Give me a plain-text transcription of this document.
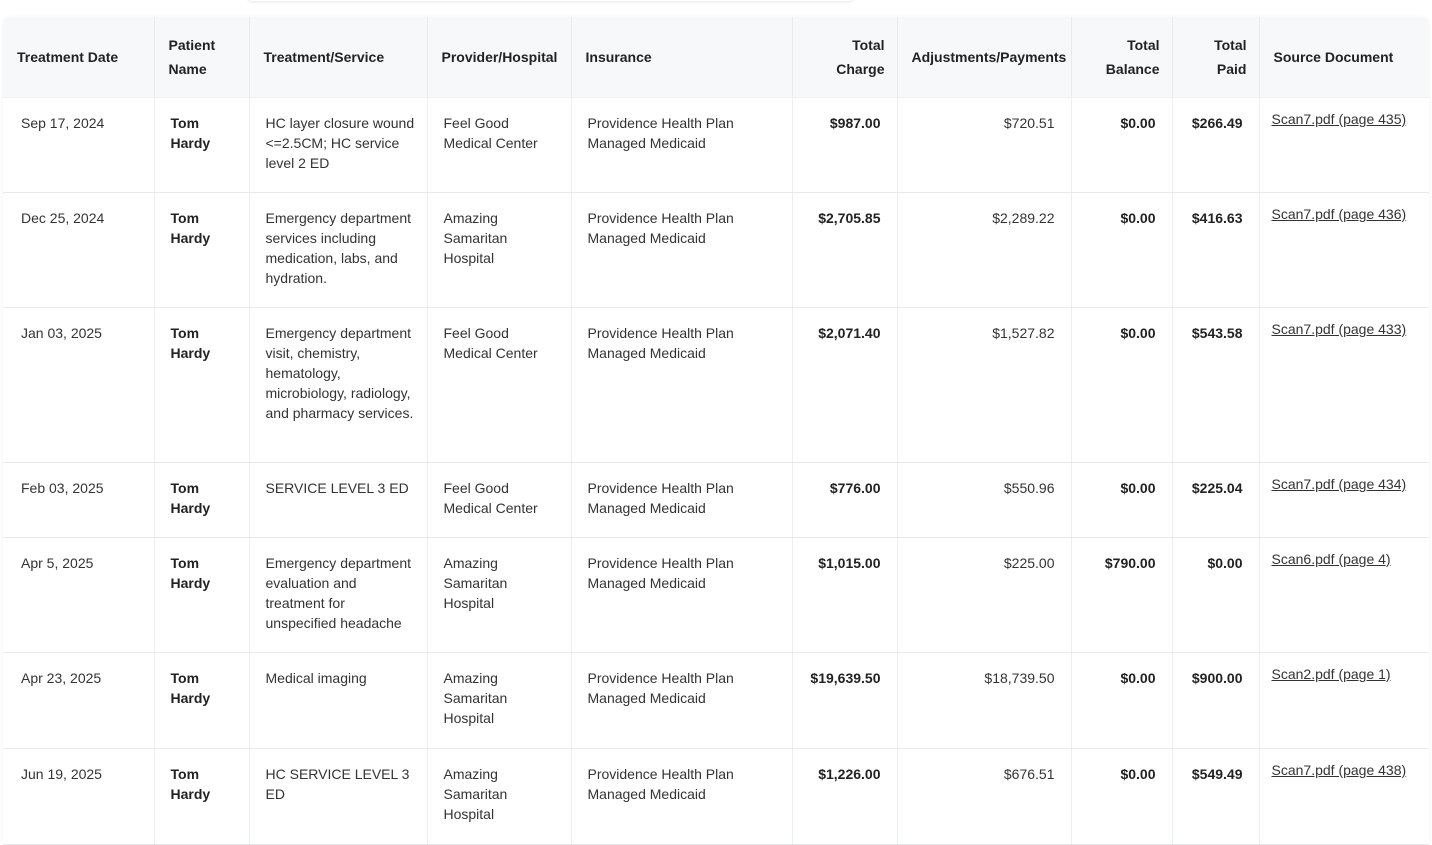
Treatment Date	Patient Name	Treatment/Service	Provider/Hospital	Insurance	Total Charge	Adjustments/Payments	Total Balance	Total Paid	Source Document
Sep 17, 2024	Tom Hardy	HC layer closure wound <=2.5CM; HC service level 2 ED	Feel Good Medical Center	Providence Health Plan Managed Medicaid	$987.00	$720.51	$0.00	$266.49	Scan7.pdf (page 435)
Dec 25, 2024	Tom Hardy	Emergency department services including medication, labs, and hydration.	Amazing Samaritan Hospital	Providence Health Plan Managed Medicaid	$2,705.85	$2,289.22	$0.00	$416.63	Scan7.pdf (page 436)
Jan 03, 2025	Tom Hardy	Emergency department visit, chemistry, hematology, microbiology, radiology, and pharmacy services.	Feel Good Medical Center	Providence Health Plan Managed Medicaid	$2,071.40	$1,527.82	$0.00	$543.58	Scan7.pdf (page 433)
Feb 03, 2025	Tom Hardy	SERVICE LEVEL 3 ED	Feel Good Medical Center	Providence Health Plan Managed Medicaid	$776.00	$550.96	$0.00	$225.04	Scan7.pdf (page 434)
Apr 5, 2025	Tom Hardy	Emergency department evaluation and treatment for unspecified headache	Amazing Samaritan Hospital	Providence Health Plan Managed Medicaid	$1,015.00	$225.00	$790.00	$0.00	Scan6.pdf (page 4)
Apr 23, 2025	Tom Hardy	Medical imaging	Amazing Samaritan Hospital	Providence Health Plan Managed Medicaid	$19,639.50	$18,739.50	$0.00	$900.00	Scan2.pdf (page 1)
Jun 19, 2025	Tom Hardy	HC SERVICE LEVEL 3 ED	Amazing Samaritan Hospital	Providence Health Plan Managed Medicaid	$1,226.00	$676.51	$0.00	$549.49	Scan7.pdf (page 438)
